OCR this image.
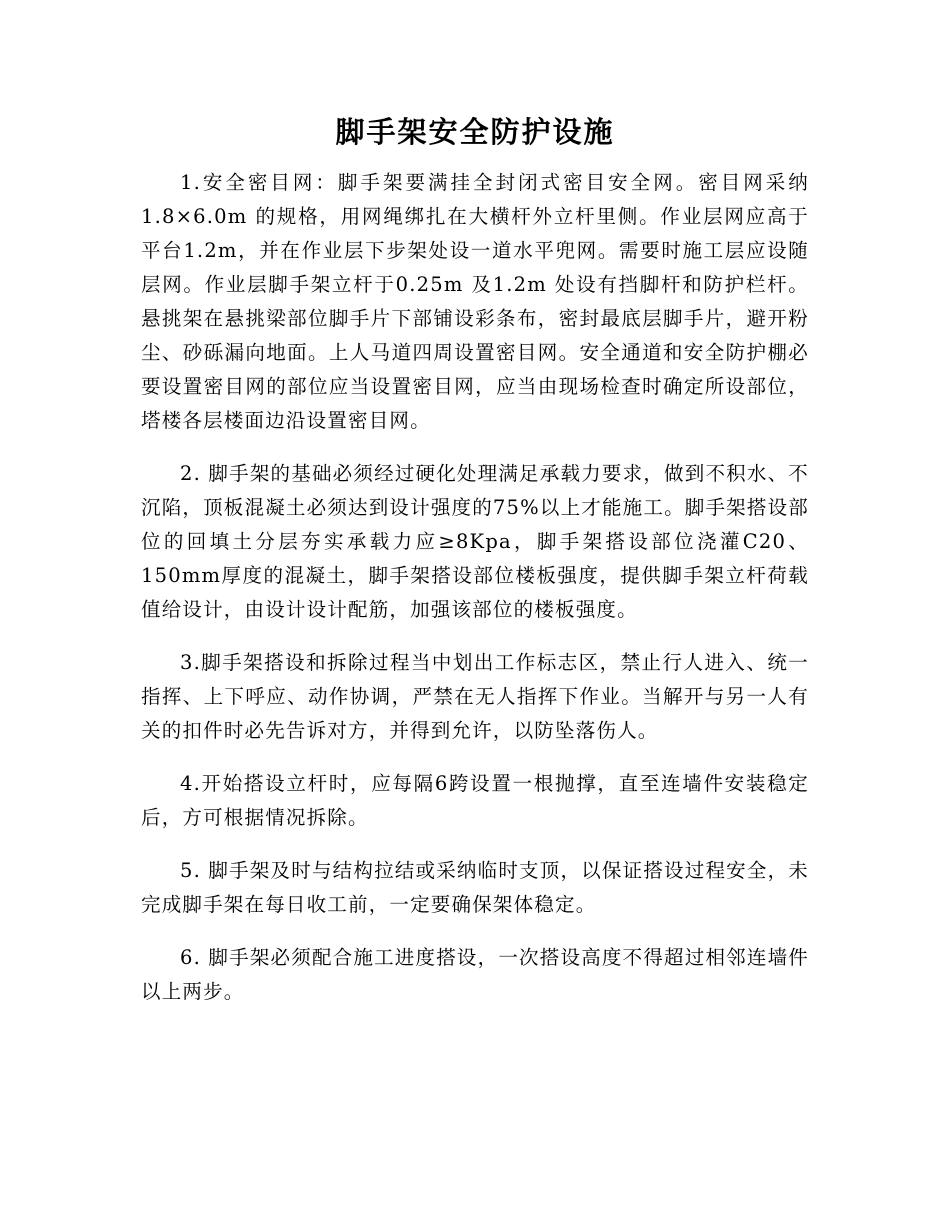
脚手架安全防护设施

1.安全密目网：脚手架要满挂全封闭式密目安全网。密目网采纳1.8×6.0m 的规格，用网绳绑扎在大横杆外立杆里侧。作业层网应高于平台1.2m，并在作业层下步架处设一道水平兜网。需要时施工层应设随层网。作业层脚手架立杆于0.25m 及1.2m 处设有挡脚杆和防护栏杆。悬挑架在悬挑梁部位脚手片下部铺设彩条布，密封最底层脚手片，避开粉尘、砂砾漏向地面。上人马道四周设置密目网。安全通道和安全防护棚必要设置密目网的部位应当设置密目网，应当由现场检查时确定所设部位，塔楼各层楼面边沿设置密目网。

2. 脚手架的基础必须经过硬化处理满足承载力要求，做到不积水、不沉陷，顶板混凝土必须达到设计强度的75%以上才能施工。脚手架搭设部位的回填土分层夯实承载力应≥8Kpa，脚手架搭设部位浇灌C20、150mm厚度的混凝土，脚手架搭设部位楼板强度，提供脚手架立杆荷载值给设计，由设计设计配筋，加强该部位的楼板强度。

3.脚手架搭设和拆除过程当中划出工作标志区，禁止行人进入、统一指挥、上下呼应、动作协调，严禁在无人指挥下作业。当解开与另一人有关的扣件时必先告诉对方，并得到允许，以防坠落伤人。

4.开始搭设立杆时，应每隔6跨设置一根抛撑，直至连墙件安装稳定后，方可根据情况拆除。

5. 脚手架及时与结构拉结或采纳临时支顶，以保证搭设过程安全，未完成脚手架在每日收工前，一定要确保架体稳定。

6. 脚手架必须配合施工进度搭设，一次搭设高度不得超过相邻连墙件以上两步。
